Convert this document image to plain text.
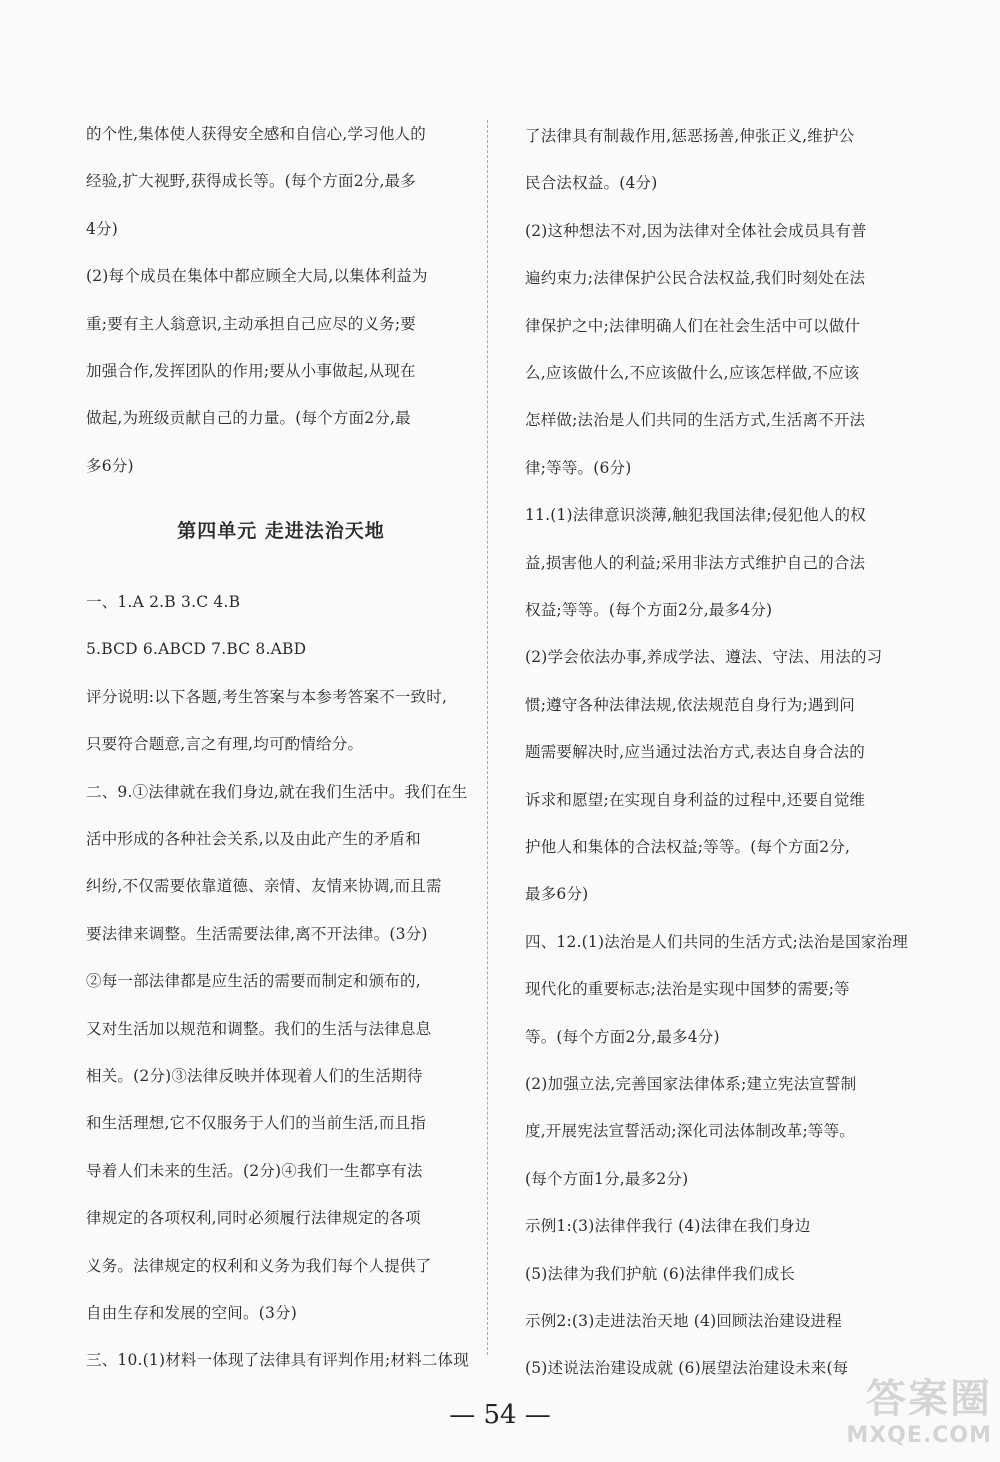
的个性,集体使人获得安全感和自信心,学习他人的
经验,扩大视野,获得成长等。(每个方面2分,最多
4分)
(2)每个成员在集体中都应顾全大局,以集体利益为
重;要有主人翁意识,主动承担自己应尽的义务;要
加强合作,发挥团队的作用;要从小事做起,从现在
做起,为班级贡献自己的力量。(每个方面2分,最
多6分)
第四单元 走进法治天地
一、1.A 2.B 3.C 4.B
5.BCD 6.ABCD 7.BC 8.ABD
评分说明:以下各题,考生答案与本参考答案不一致时,
只要符合题意,言之有理,均可酌情给分。
二、9.①法律就在我们身边,就在我们生活中。我们在生
活中形成的各种社会关系,以及由此产生的矛盾和
纠纷,不仅需要依靠道德、亲情、友情来协调,而且需
要法律来调整。生活需要法律,离不开法律。(3分)
②每一部法律都是应生活的需要而制定和颁布的,
又对生活加以规范和调整。我们的生活与法律息息
相关。(2分)③法律反映并体现着人们的生活期待
和生活理想,它不仅服务于人们的当前生活,而且指
导着人们未来的生活。(2分)④我们一生都享有法
律规定的各项权利,同时必须履行法律规定的各项
义务。法律规定的权利和义务为我们每个人提供了
自由生存和发展的空间。(3分)
三、10.(1)材料一体现了法律具有评判作用;材料二体现
了法律具有制裁作用,惩恶扬善,伸张正义,维护公
民合法权益。(4分)
(2)这种想法不对,因为法律对全体社会成员具有普
遍约束力;法律保护公民合法权益,我们时刻处在法
律保护之中;法律明确人们在社会生活中可以做什
么,应该做什么,不应该做什么,应该怎样做,不应该
怎样做;法治是人们共同的生活方式,生活离不开法
律;等等。(6分)
11.(1)法律意识淡薄,触犯我国法律;侵犯他人的权
益,损害他人的利益;采用非法方式维护自己的合法
权益;等等。(每个方面2分,最多4分)
(2)学会依法办事,养成学法、遵法、守法、用法的习
惯;遵守各种法律法规,依法规范自身行为;遇到问
题需要解决时,应当通过法治方式,表达自身合法的
诉求和愿望;在实现自身利益的过程中,还要自觉维
护他人和集体的合法权益;等等。(每个方面2分,
最多6分)
四、12.(1)法治是人们共同的生活方式;法治是国家治理
现代化的重要标志;法治是实现中国梦的需要;等
等。(每个方面2分,最多4分)
(2)加强立法,完善国家法律体系;建立宪法宣誓制
度,开展宪法宣誓活动;深化司法体制改革;等等。
(每个方面1分,最多2分)
示例1:(3)法律伴我行 (4)法律在我们身边
(5)法律为我们护航 (6)法律伴我们成长
示例2:(3)走进法治天地 (4)回顾法治建设进程
(5)述说法治建设成就 (6)展望法治建设未来(每
— 54 —	答案圈
MXQE.COM
